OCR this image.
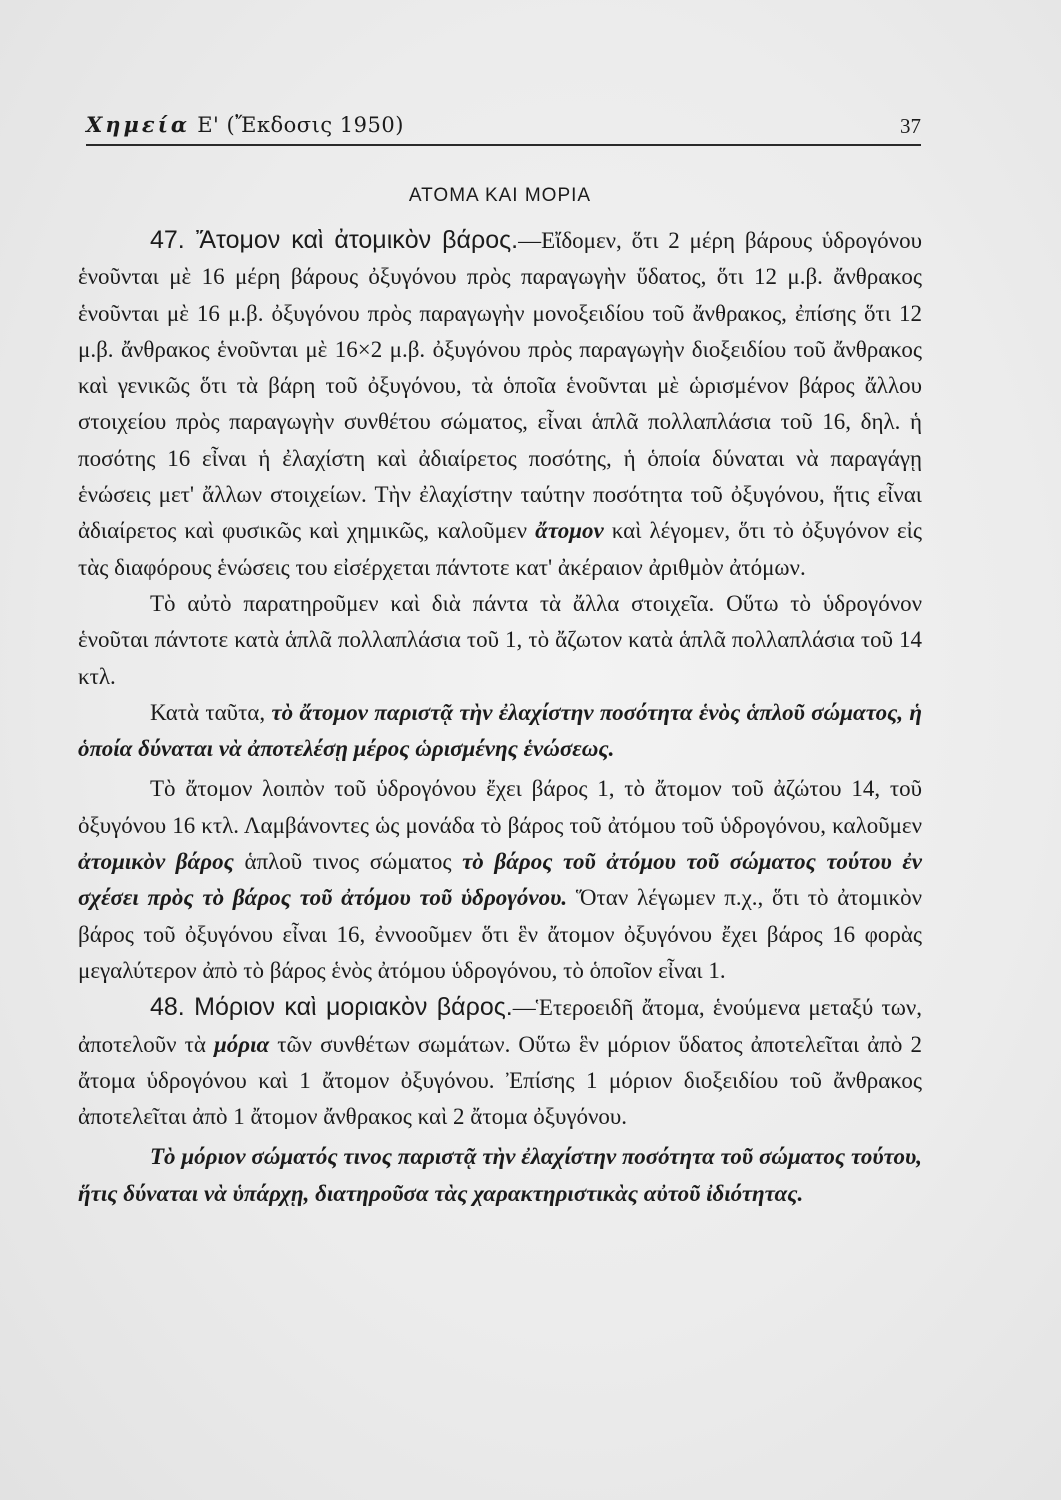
Χημεία Ε' (Ἔκδοσις 1950)	37
ΑΤΟΜΑ ΚΑΙ ΜΟΡΙΑ

47. Ἄτομον καὶ ἀτομικὸν βάρος.—Εἴδομεν, ὅτι 2 μέρη βάρους ὑδρογόνου ἑνοῦνται μὲ 16 μέρη βάρους ὀξυγόνου πρὸς παραγωγὴν ὕδατος, ὅτι 12 μ.β. ἄνθρακος ἑνοῦνται μὲ 16 μ.β. ὀξυγόνου πρὸς παραγωγὴν μονοξειδίου τοῦ ἄνθρακος, ἐπίσης ὅτι 12 μ.β. ἄνθρακος ἑνοῦνται μὲ 16×2 μ.β. ὀξυγόνου πρὸς παραγωγὴν διοξειδίου τοῦ ἄνθρακος καὶ γενικῶς ὅτι τὰ βάρη τοῦ ὀξυγόνου, τὰ ὁποῖα ἑνοῦνται μὲ ὡρισμένον βάρος ἄλλου στοιχείου πρὸς παραγωγὴν συνθέτου σώματος, εἶναι ἁπλᾶ πολλαπλάσια τοῦ 16, δηλ. ἡ ποσότης 16 εἶναι ἡ ἐλαχίστη καὶ ἀδιαίρετος ποσότης, ἡ ὁποία δύναται νὰ παραγάγῃ ἑνώσεις μετ' ἄλλων στοιχείων. Τὴν ἐλαχίστην ταύτην ποσότητα τοῦ ὀξυγόνου, ἥτις εἶναι ἀδιαίρετος καὶ φυσικῶς καὶ χημικῶς, καλοῦμεν ἄτομον καὶ λέγομεν, ὅτι τὸ ὀξυγόνον εἰς τὰς διαφόρους ἑνώσεις του εἰσέρχεται πάντοτε κατ' ἀκέραιον ἀριθμὸν ἀτόμων.

Τὸ αὐτὸ παρατηροῦμεν καὶ διὰ πάντα τὰ ἄλλα στοιχεῖα. Οὕτω τὸ ὑδρογόνον ἑνοῦται πάντοτε κατὰ ἁπλᾶ πολλαπλάσια τοῦ 1, τὸ ἄζωτον κατὰ ἁπλᾶ πολλαπλάσια τοῦ 14 κτλ.

Κατὰ ταῦτα, τὸ ἄτομον παριστᾷ τὴν ἐλαχίστην ποσότητα ἑνὸς ἁπλοῦ σώματος, ἡ ὁποία δύναται νὰ ἀποτελέσῃ μέρος ὡρισμένης ἑνώσεως.

Τὸ ἄτομον λοιπὸν τοῦ ὑδρογόνου ἔχει βάρος 1, τὸ ἄτομον τοῦ ἀζώτου 14, τοῦ ὀξυγόνου 16 κτλ. Λαμβάνοντες ὡς μονάδα τὸ βάρος τοῦ ἀτόμου τοῦ ὑδρογόνου, καλοῦμεν ἀτομικὸν βάρος ἁπλοῦ τινος σώματος τὸ βάρος τοῦ ἀτόμου τοῦ σώματος τούτου ἐν σχέσει πρὸς τὸ βάρος τοῦ ἀτόμου τοῦ ὑδρογόνου. Ὅταν λέγωμεν π.χ., ὅτι τὸ ἀτομικὸν βάρος τοῦ ὀξυγόνου εἶναι 16, ἐννοοῦμεν ὅτι ἓν ἄτομον ὀξυγόνου ἔχει βάρος 16 φορὰς μεγαλύτερον ἀπὸ τὸ βάρος ἑνὸς ἀτόμου ὑδρογόνου, τὸ ὁποῖον εἶναι 1.

48. Μόριον καὶ μοριακὸν βάρος.—Ἑτεροειδῆ ἄτομα, ἑνούμενα μεταξύ των, ἀποτελοῦν τὰ μόρια τῶν συνθέτων σωμάτων. Οὕτω ἓν μόριον ὕδατος ἀποτελεῖται ἀπὸ 2 ἄτομα ὑδρογόνου καὶ 1 ἄτομον ὀξυγόνου. Ἐπίσης 1 μόριον διοξειδίου τοῦ ἄνθρακος ἀποτελεῖται ἀπὸ 1 ἄτομον ἄνθρακος καὶ 2 ἄτομα ὀξυγόνου.

Τὸ μόριον σώματός τινος παριστᾷ τὴν ἐλαχίστην ποσότητα τοῦ σώματος τούτου, ἥτις δύναται νὰ ὑπάρχῃ, διατηροῦσα τὰς χαρακτηριστικὰς αὐτοῦ ἰδιότητας.
